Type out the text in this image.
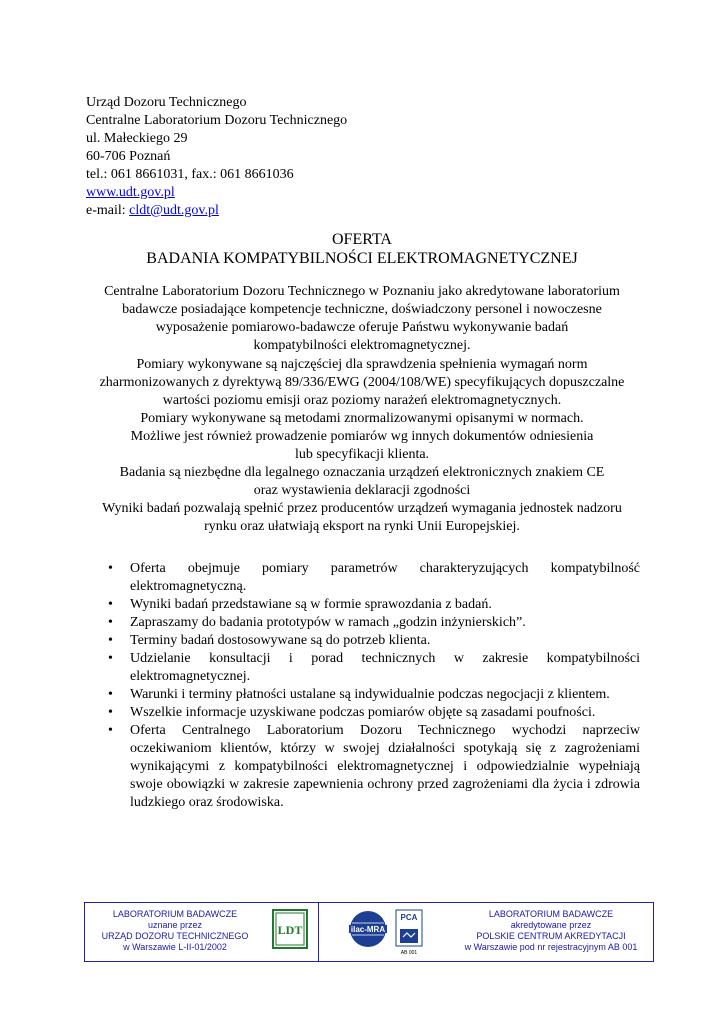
Urząd Dozoru Technicznego
Centralne Laboratorium Dozoru Technicznego
ul. Małeckiego 29
60-706 Poznań
tel.: 061 8661031, fax.: 061 8661036
www.udt.gov.pl
e-mail: cldt@udt.gov.pl
OFERTA
BADANIA KOMPATYBILNOŚCI ELEKTROMAGNETYCZNEJ

Centralne Laboratorium Dozoru Technicznego w Poznaniu jako akredytowane laboratorium

badawcze posiadające kompetencje techniczne, doświadczony personel i nowoczesne

wyposażenie pomiarowo-badawcze oferuje Państwu wykonywanie badań

kompatybilności elektromagnetycznej.

Pomiary wykonywane są najczęściej dla sprawdzenia spełnienia wymagań norm

zharmonizowanych z dyrektywą 89/336/EWG (2004/108/WE) specyfikujących dopuszczalne

wartości poziomu emisji oraz poziomy narażeń elektromagnetycznych.

Pomiary wykonywane są metodami znormalizowanymi opisanymi w normach.

Możliwe jest również prowadzenie pomiarów wg innych dokumentów odniesienia

lub specyfikacji klienta.

Badania są niezbędne dla legalnego oznaczania urządzeń elektronicznych znakiem CE

oraz wystawienia deklaracji zgodności

Wyniki badań pozwalają spełnić przez producentów urządzeń wymagania jednostek nadzoru

rynku oraz ułatwiają eksport na rynki Unii Europejskiej.

• Oferta obejmuje pomiary parametrów charakteryzujących kompatybilność elektromagnetyczną.
• Wyniki badań przedstawiane są w formie sprawozdania z badań.
• Zapraszamy do badania prototypów w ramach „godzin inżynierskich”.
• Terminy badań dostosowywane są do potrzeb klienta.
• Udzielanie konsultacji i porad technicznych w zakresie kompatybilności elektromagnetycznej.
• Warunki i terminy płatności ustalane są indywidualnie podczas negocjacji z klientem.
• Wszelkie informacje uzyskiwane podczas pomiarów objęte są zasadami poufności.
• Oferta Centralnego Laboratorium Dozoru Technicznego wychodzi naprzeciw oczekiwaniom klientów, którzy w swojej działalności spotykają się z zagrożeniami wynikającymi z kompatybilności elektromagnetycznej i odpowiedzialnie wypełniają swoje obowiązki w zakresie zapewnienia ochrony przed zagrożeniami dla życia i zdrowia ludzkiego oraz środowiska.
LABORATORIUM BADAWCZE
uznane przez
URZĄD DOZORU TECHNICZNEGO
w Warszawie L-II-01/2002
LDT	ilac-MRA
PCA
AB 001
LABORATORIUM BADAWCZE
akredytowane przez
POLSKIE CENTRUM AKREDYTACJI
w Warszawie pod nr rejestracyjnym AB 001
